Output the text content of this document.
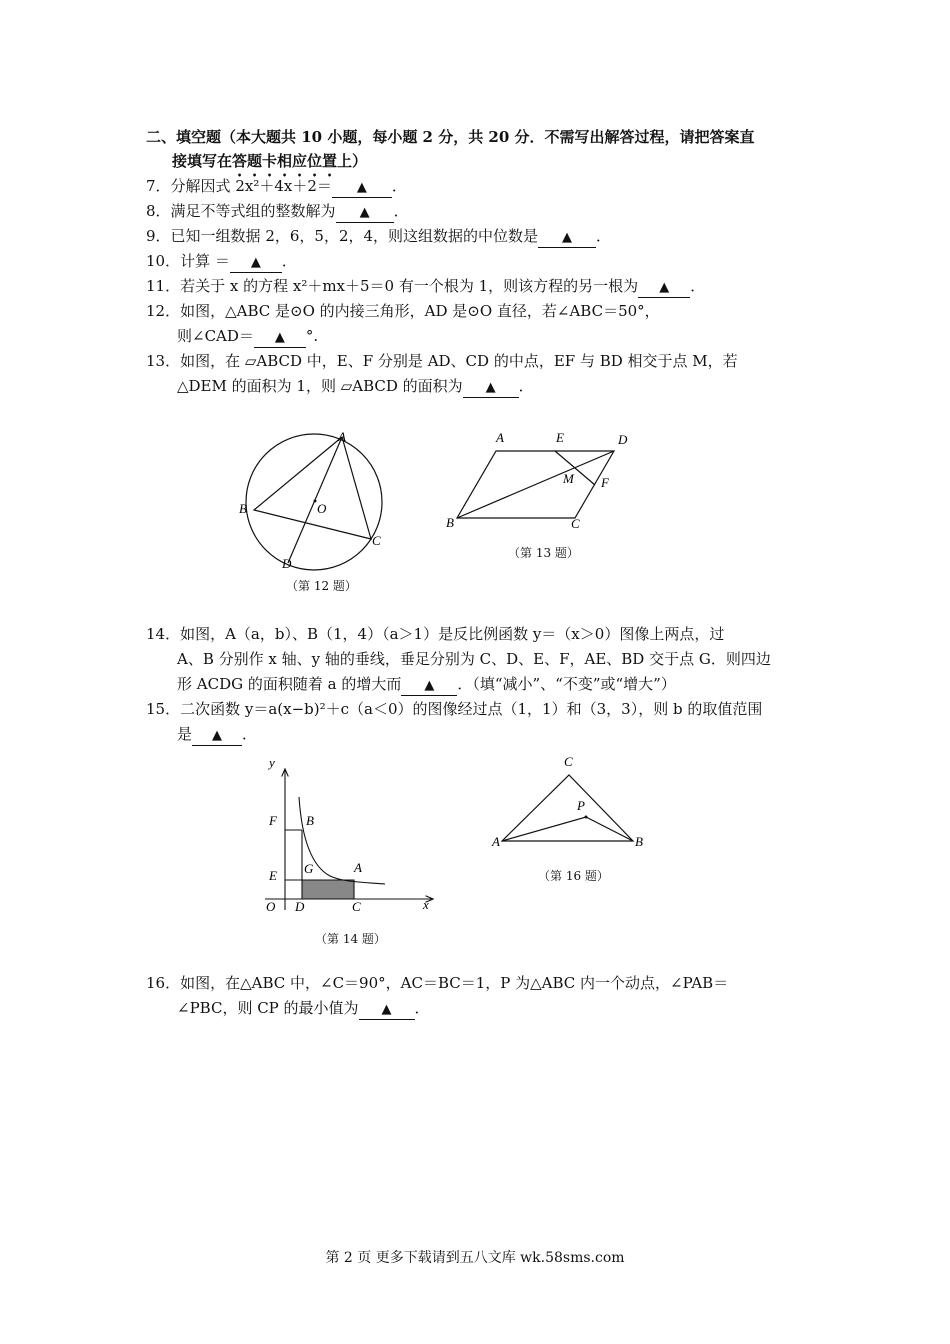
二、填空题（本大题共 10 小题，每小题 2 分，共 20 分．不需写出解答过程，请把答案直
接填写在答题卡相应位置上）
7．分解因式 2x²＋4x＋2＝ ▲ ．
8．满足不等式组的整数解为 ▲ ．
9．已知一组数据 2，6，5，2，4，则这组数据的中位数是 ▲ ．
10．计算 ＝ ▲ ．
11．若关于 x 的方程 x²＋mx＋5＝0 有一个根为 1，则该方程的另一根为 ▲ ．
12．如图，△ABC 是⊙O 的内接三角形，AD 是⊙O 直径，若∠ABC＝50°，
则∠CAD＝ ▲ °.
13．如图，在 ▱ABCD 中，E、F 分别是 AD、CD 的中点，EF 与 BD 相交于点 M，若
△DEM 的面积为 1，则 ▱ABCD 的面积为 ▲ ．
A
B
C
D
O
（第 12 题）
A	E	D
M F
B	C
（第 13 题）
14．如图，A（a，b）、B（1，4）（a＞1）是反比例函数 y＝（x＞0）图像上两点，过
A、B 分别作 x 轴、y 轴的垂线，垂足分别为 C、D、E、F，AE、BD 交于点 G．则四边
形 ACDG 的面积随着 a 的增大而 ▲ ．（填“减小”、“不变”或“增大”）
15．二次函数 y＝a(x−b)²＋c（a＜0）的图像经过点（1，1）和（3，3），则 b 的取值范围
是 ▲ ．
y
x
O D	C
E
F B
G	A
（第 14 题）
C
P
A	B
（第 16 题）
16．如图，在△ABC 中，∠C＝90°，AC＝BC＝1，P 为△ABC 内一个动点，∠PAB＝
∠PBC，则 CP 的最小值为 ▲ ．
第 2 页 更多下载请到五八文库 wk.58sms.com
